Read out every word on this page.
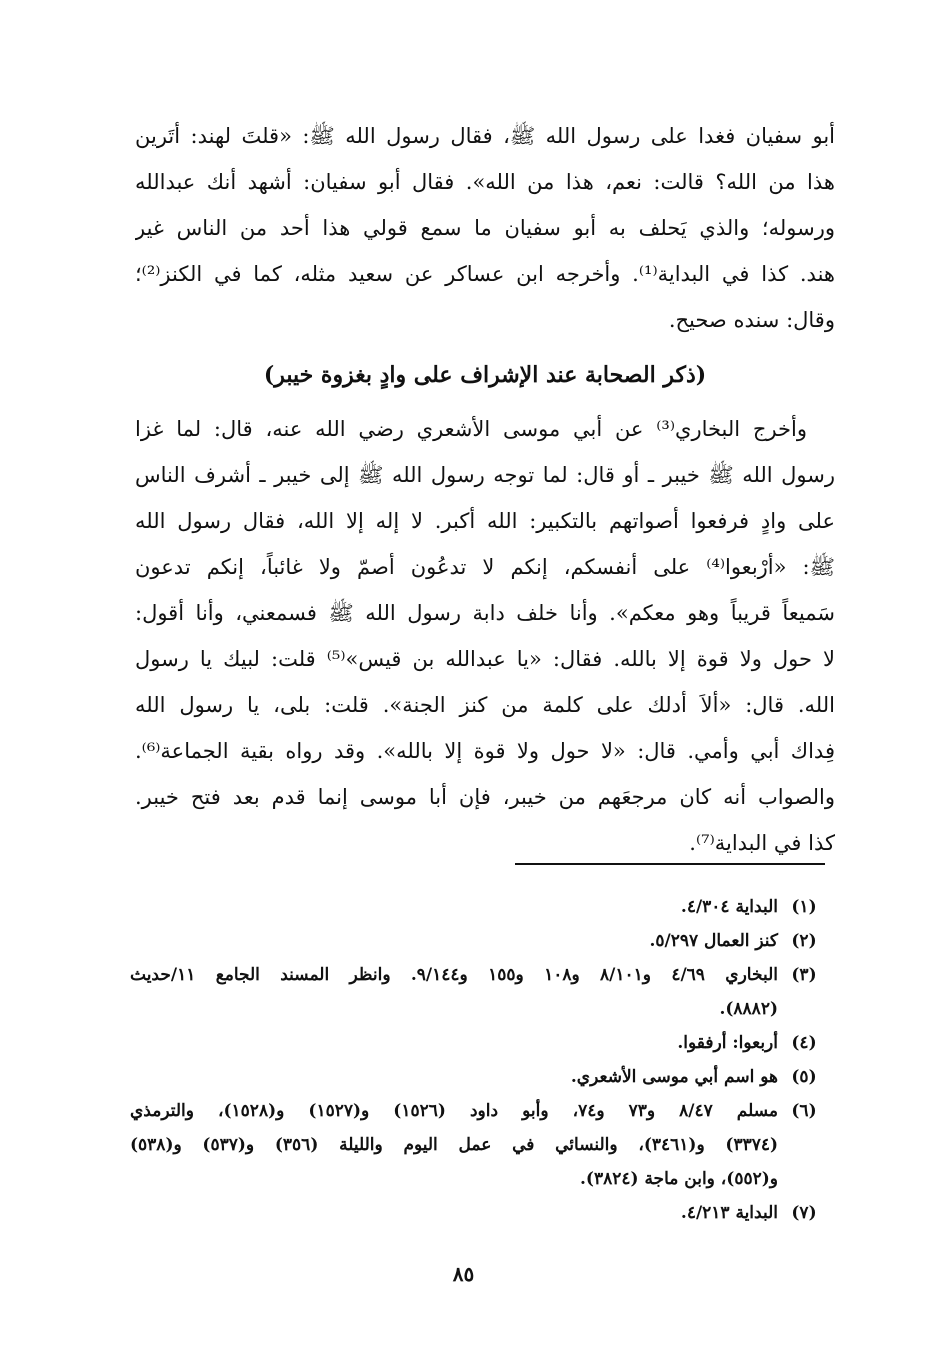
أبو سفيان فغدا على رسول الله ﷺ، فقال رسول الله ﷺ: «قلتَ لهند: أتَرين
هذا من الله؟ قالت: نعم، هذا من الله». فقال أبو سفيان: أشهد أنك عبدالله
ورسوله؛ والذي يَحلف به أبو سفيان ما سمع قولي هذا أحد من الناس غير
هند. كذا في البداية⁽¹⁾. وأخرجه ابن عساكر عن سعيد مثله، كما في الكنز⁽²⁾؛
وقال: سنده صحيح.
(ذكر الصحابة عند الإشراف على وادٍ بغزوة خيبر)
وأخرج البخاري⁽³⁾ عن أبي موسى الأشعري رضي الله عنه، قال: لما غزا
رسول الله ﷺ خيبر ـ أو قال: لما توجه رسول الله ﷺ إلى خيبر ـ أشرف الناس
على وادٍ فرفعوا أصواتهم بالتكبير: الله أكبر. لا إله إلا الله، فقال رسول الله
ﷺ: «أرْبعوا⁽⁴⁾ على أنفسكم، إنكم لا تدعُون أصمّ ولا غائباً، إنكم تدعون
سَميعاً قريباً وهو معكم». وأنا خلف دابة رسول الله ﷺ فسمعني، وأنا أقول:
لا حول ولا قوة إلا بالله. فقال: «يا عبدالله بن قيس»⁽⁵⁾ قلت: لبيك يا رسول
الله. قال: «ألاَ أدلك على كلمة من كنز الجنة». قلت: بلى، يا رسول الله
فِداك أبي وأمي. قال: «لا حول ولا قوة إلا بالله». وقد رواه بقية الجماعة⁽⁶⁾.
والصواب أنه كان مرجعَهم من خيبر، فإن أبا موسى إنما قدم بعد فتح خيبر.
كذا في البداية⁽⁷⁾.
(١)
البداية ٤/٣٠٤.
(٢)
كنز العمال ٥/٢٩٧.
(٣)
البخاري ٤/٦٩ و٨/١٠١ و١٠٨ و١٥٥ و٩/١٤٤. وانظر المسند الجامع ١١/حديث
(٨٨٨٢).
(٤)
أربعوا: أرفقوا.
(٥)
هو اسم أبي موسى الأشعري.
(٦)
مسلم ٨/٤٧ و٧٣ و٧٤، وأبو داود (١٥٢٦) و(١٥٢٧) و(١٥٢٨)، والترمذي
(٣٣٧٤) و(٣٤٦١)، والنسائي في عمل اليوم والليلة (٣٥٦) و(٥٣٧) و(٥٣٨)
و(٥٥٢)، وابن ماجة (٣٨٢٤).
(٧)
البداية ٤/٢١٣.
٨٥
